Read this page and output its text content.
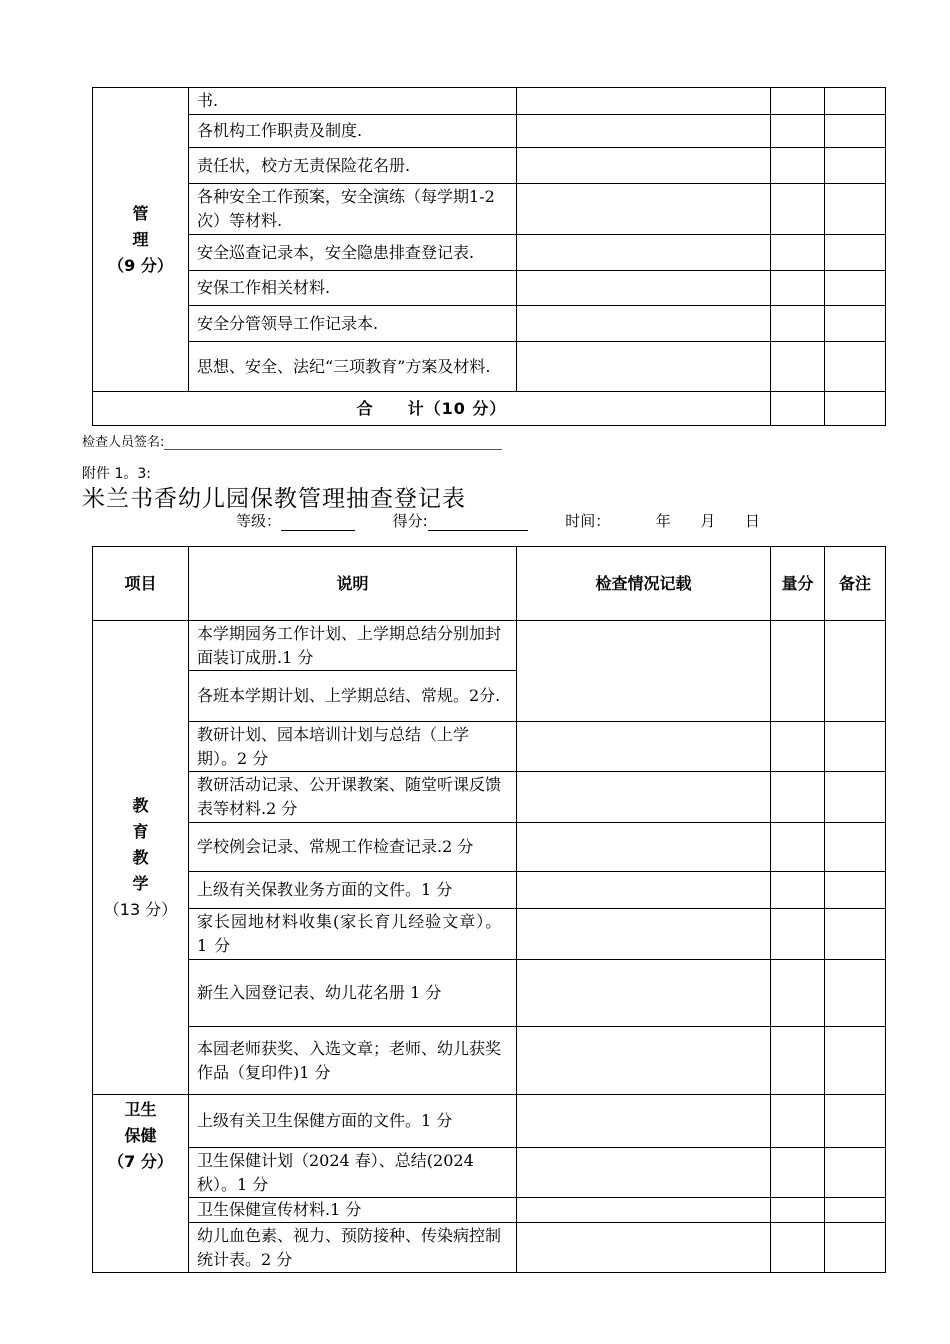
管
理
（9 分）	书.			
	各机构工作职责及制度.			
	责任状，校方无责保险花名册.			
	各种安全工作预案，安全演练（每学期1-2 次）等材料.			
	安全巡查记录本，安全隐患排查登记表.			
	安保工作相关材料.			
	安全分管领导工作记录本.			
	思想、安全、法纪“三项教育”方案及材料.			
合　　计（10 分）				
检查人员签名:
附件 1。3:
米兰书香幼儿园保教管理抽查登记表
等级：	得分:	时间：	年 月 日
项目	说明	检查情况记载	量分	备注

教
育
教
学
（13 分）	本学期园务工作计划、上学期总结分别加封面装订成册.1 分			
	各班本学期计划、上学期总结、常规。2分.			
	教研计划、园本培训计划与总结（上学期）。2 分			
	教研活动记录、公开课教案、随堂听课反馈表等材料.2 分			
	学校例会记录、常规工作检查记录.2 分			
	上级有关保教业务方面的文件。1 分			
	家长园地材料收集(家长育儿经验文章）。1 分			
	新生入园登记表、幼儿花名册 1 分			
	本园老师获奖、入选文章；老师、幼儿获奖作品（复印件)1 分			

卫生
保健
（7 分）	上级有关卫生保健方面的文件。1 分			
	卫生保健计划（2024 春）、总结(2024秋）。1 分			
	卫生保健宣传材料.1 分			
	幼儿血色素、视力、预防接种、传染病控制统计表。2 分			
